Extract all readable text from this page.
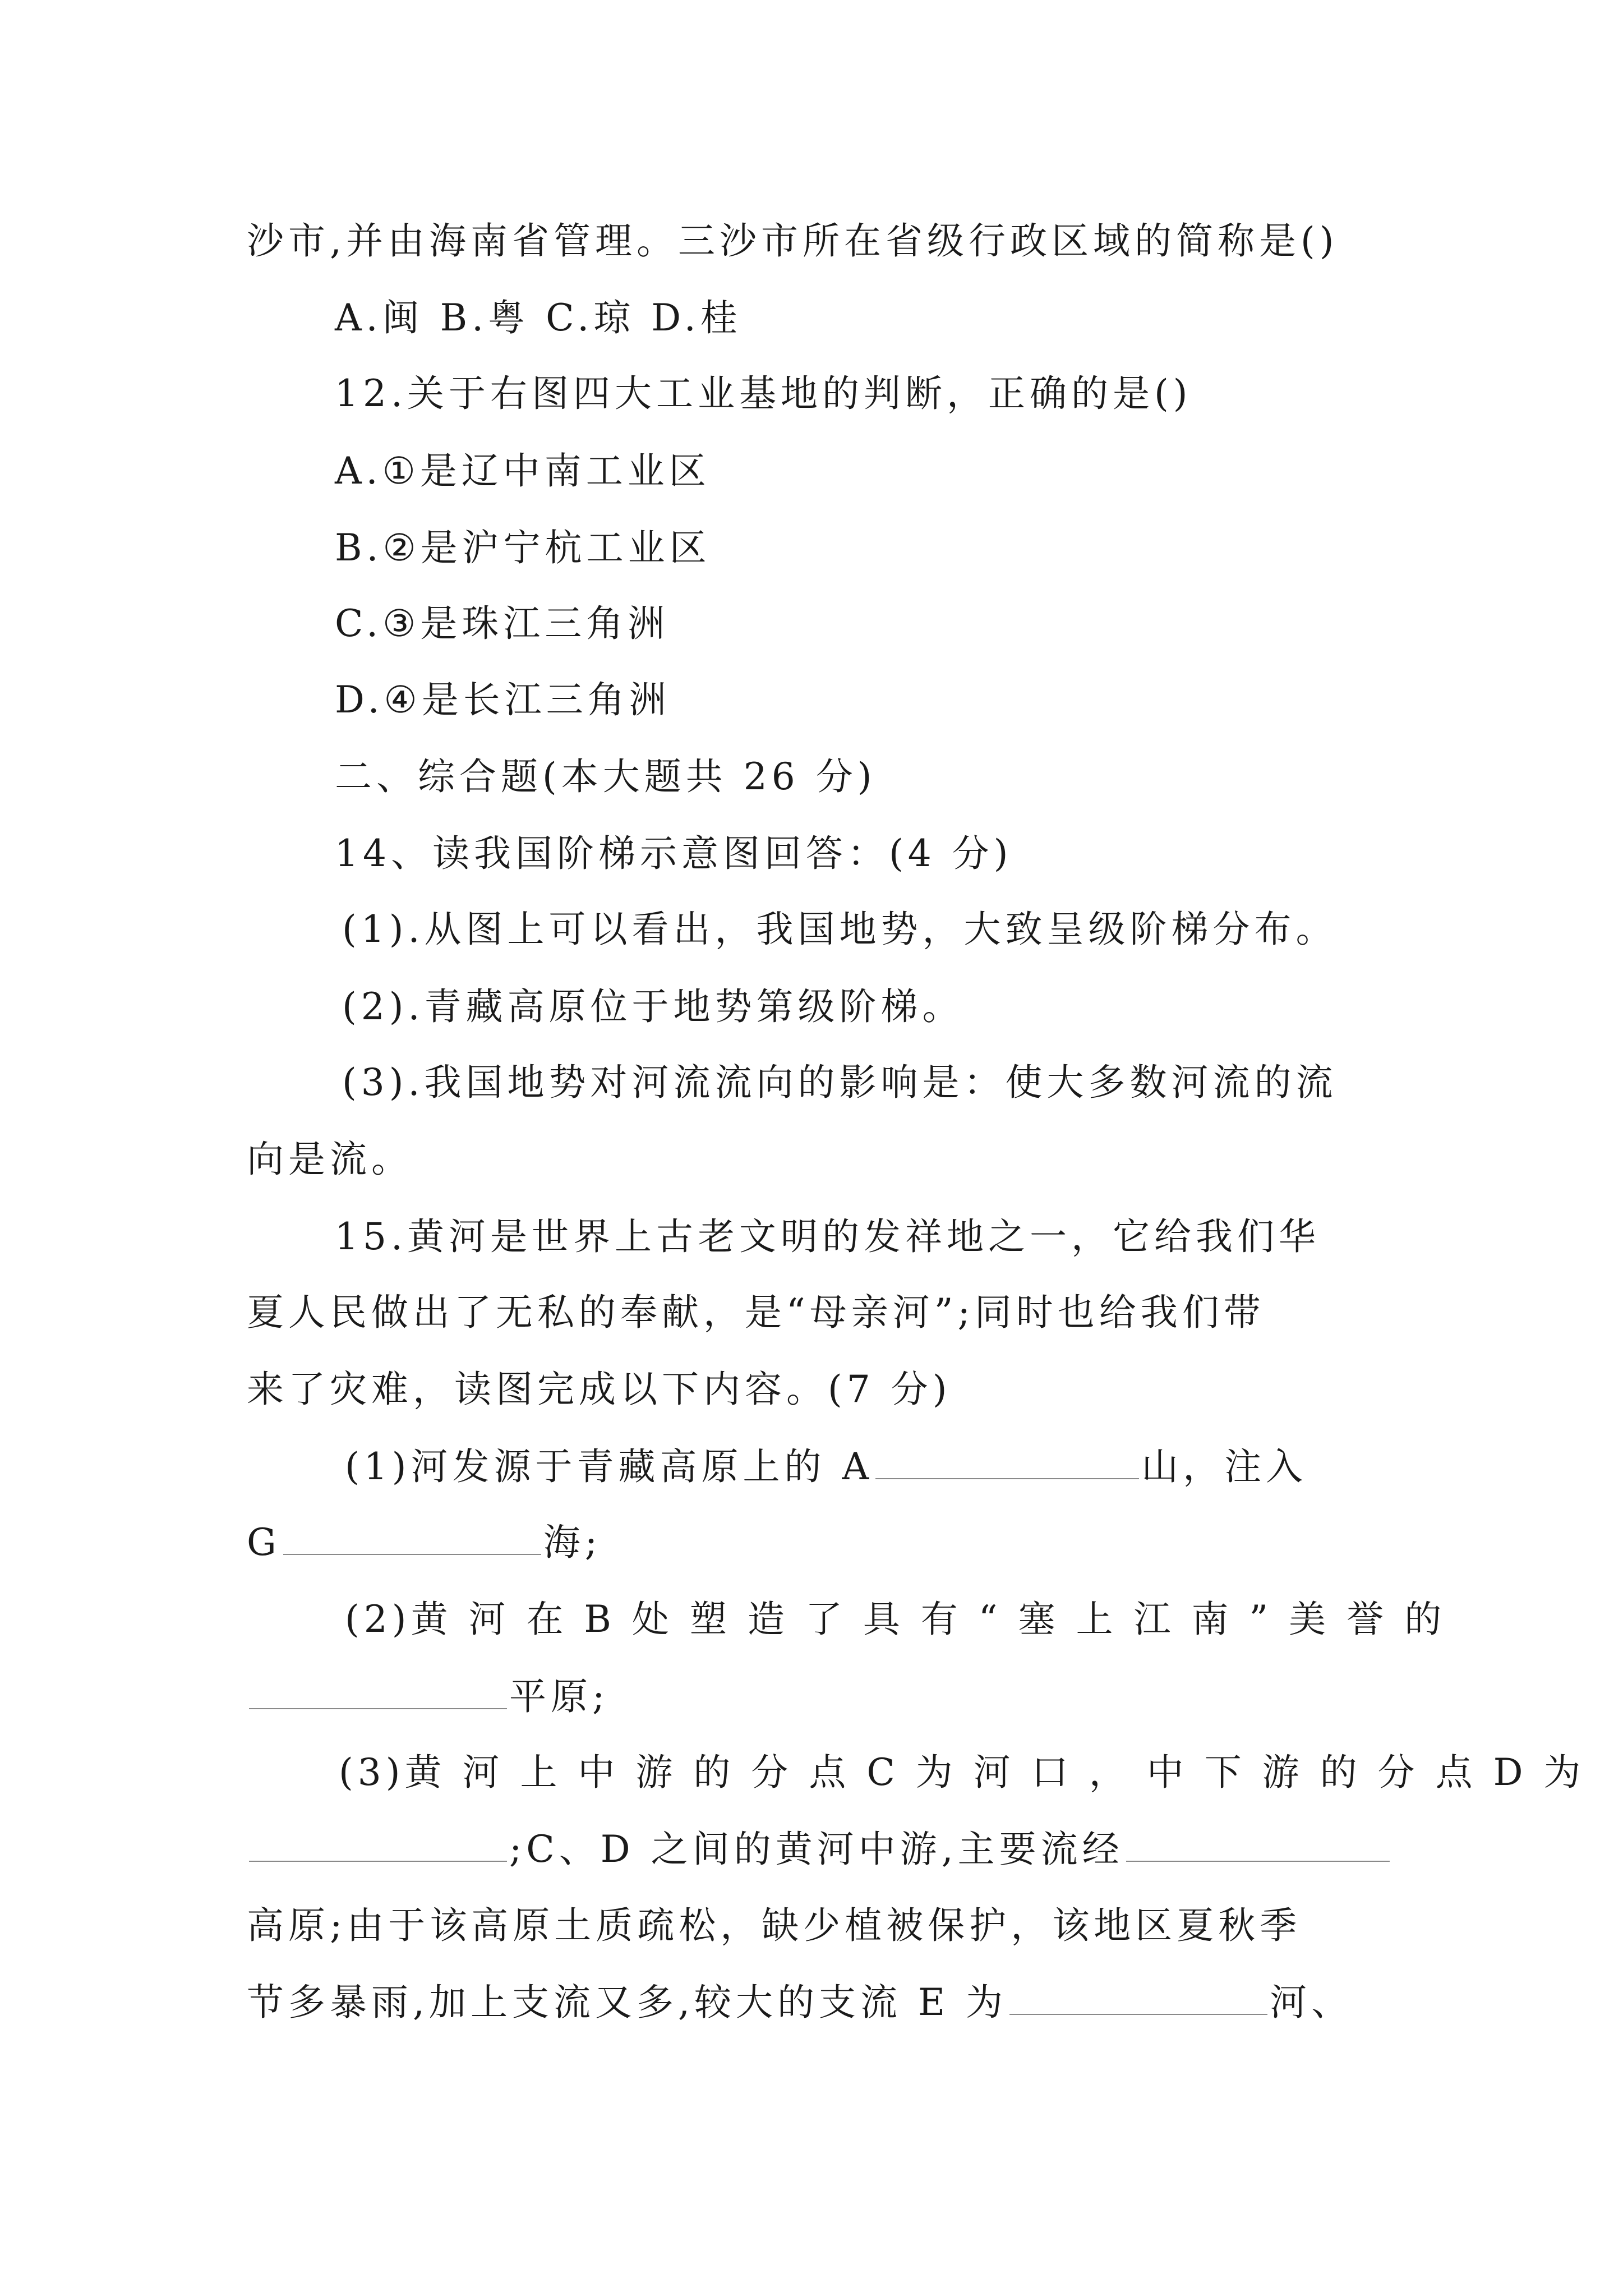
沙市,并由海南省管理。三沙市所在省级行政区域的简称是()
A.闽 B.粤 C.琼 D.桂
12.关于右图四大工业基地的判断，正确的是()
A.①是辽中南工业区
B.②是沪宁杭工业区
C.③是珠江三角洲
D.④是长江三角洲
二、综合题(本大题共 26 分)
14、读我国阶梯示意图回答：(4 分)
(1).从图上可以看出，我国地势，大致呈级阶梯分布。
(2).青藏高原位于地势第级阶梯。
(3).我国地势对河流流向的影响是：使大多数河流的流
向是流。
15.黄河是世界上古老文明的发祥地之一，它给我们华
夏人民做出了无私的奉献，是“母亲河”;同时也给我们带
来了灾难，读图完成以下内容。(7 分)
(1)河发源于青藏高原上的 A	山，注入
G	海;
(2)黄 河 在 B 处 塑 造 了 具 有 “ 塞 上 江 南 ” 美 誉 的
平原;
(3)黄 河 上 中 游 的 分 点 C 为 河 口 ， 中 下 游 的 分 点 D 为
;C、D 之间的黄河中游,主要流经
高原;由于该高原土质疏松，缺少植被保护，该地区夏秋季
节多暴雨,加上支流又多,较大的支流 E 为	河、
